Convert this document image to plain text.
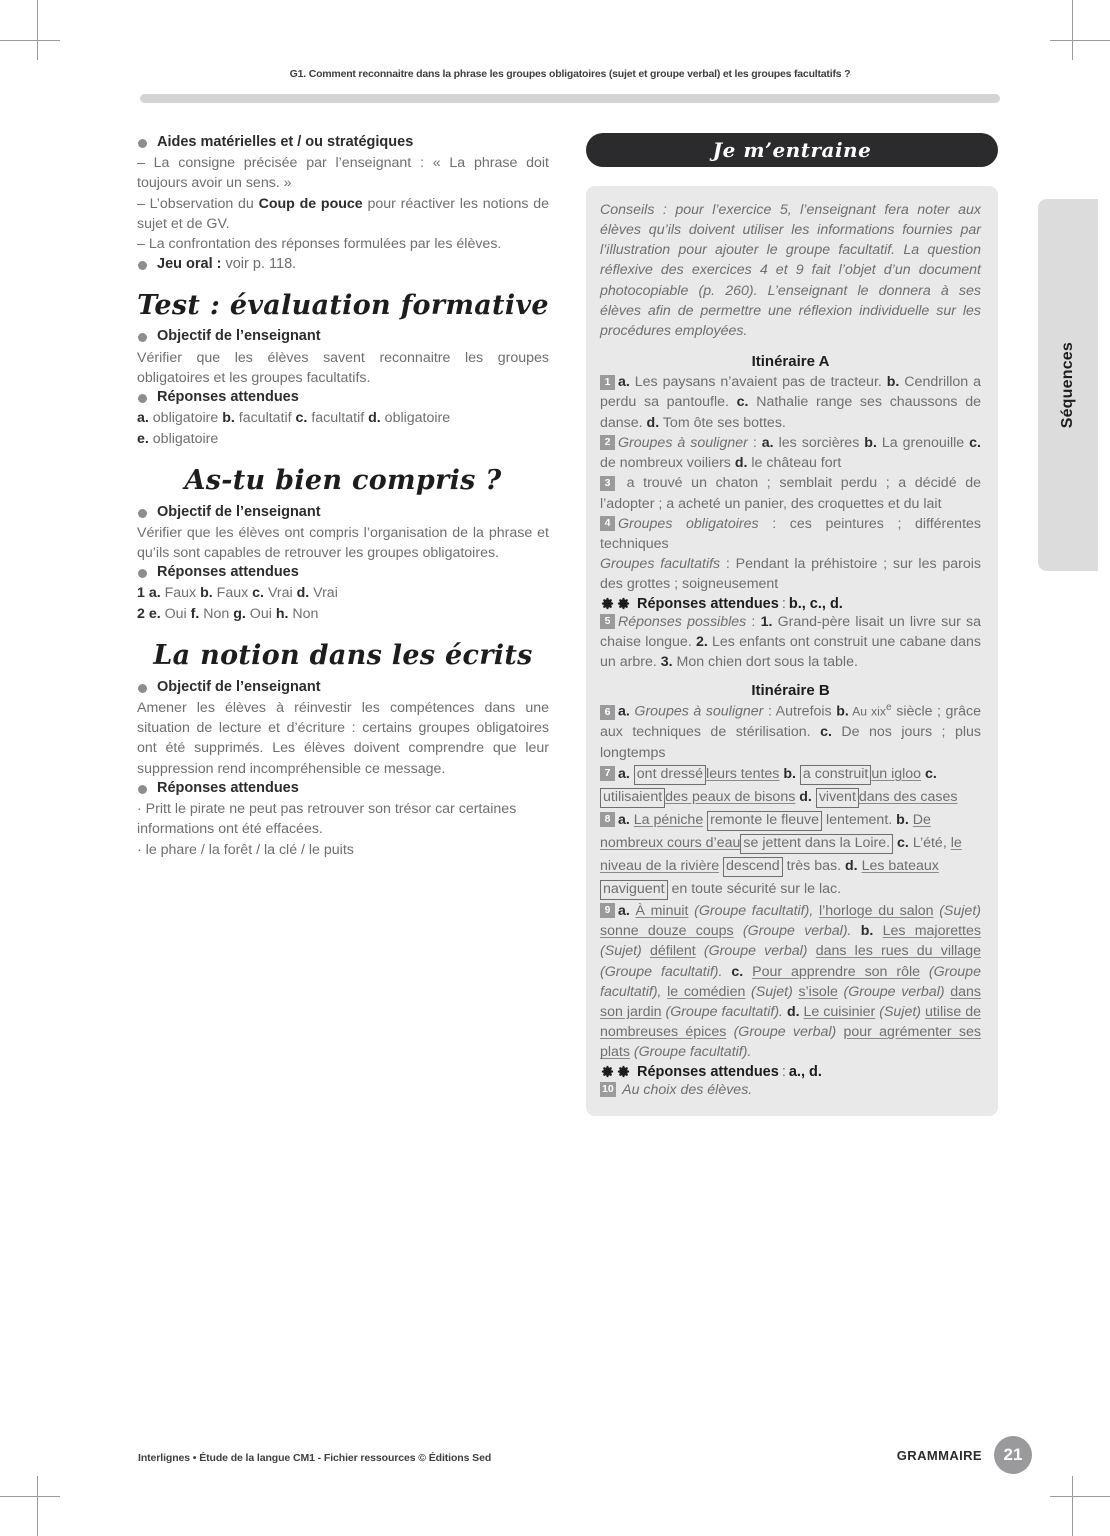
G1. Comment reconnaitre dans la phrase les groupes obligatoires (sujet et groupe verbal) et les groupes facultatifs ?
Séquences
Aides matérielles et / ou stratégiques

– La consigne précisée par l’enseignant : « La phrase doit toujours avoir un sens. »

– L’observation du Coup de pouce pour réactiver les notions de sujet et de GV.

– La confrontation des réponses formulées par les élèves.

Jeu oral : voir p. 118.
Test : évaluation formative
Objectif de l’enseignant

Vérifier que les élèves savent reconnaitre les groupes obligatoires et les groupes facultatifs.

Réponses attendues

a. obligatoire b. facultatif c. facultatif d. obligatoire
e. obligatoire

As-tu bien compris ?
Objectif de l’enseignant

Vérifier que les élèves ont compris l’organisation de la phrase et qu’ils sont capables de retrouver les groupes obligatoires.

Réponses attendues

1 a. Faux b. Faux c. Vrai d. Vrai

2 e. Oui f. Non g. Oui h. Non

La notion dans les écrits
Objectif de l’enseignant

Amener les élèves à réinvestir les compétences dans une situation de lecture et d’écriture : certains groupes obligatoires ont été supprimés. Les élèves doivent comprendre que leur suppression rend incompréhensible ce message.

Réponses attendues

· Pritt le pirate ne peut pas retrouver son trésor car certaines informations ont été effacées.

· le phare / la forêt / la clé / le puits

Je m’entraine

Conseils : pour l’exercice 5, l’enseignant fera noter aux élèves qu’ils doivent utiliser les informations fournies par l’illustration pour ajouter le groupe facultatif. La question réflexive des exercices 4 et 9 fait l’objet d’un document photocopiable (p. 260). L’enseignant le donnera à ses élèves afin de permettre une réflexion individuelle sur les procédures employées.

Itinéraire A

1 a. Les paysans n’avaient pas de tracteur. b. Cendrillon a perdu sa pantoufle. c. Nathalie range ses chaussons de danse. d. Tom ôte ses bottes.

2 Groupes à souligner : a. les sorcières b. La grenouille c. de nombreux voiliers d. le château fort

3 a trouvé un chaton ; semblait perdu ; a décidé de l’adopter ; a acheté un panier, des croquettes et du lait

4 Groupes obligatoires : ces peintures ; différentes techniques

Groupes facultatifs : Pendant la préhistoire ; sur les parois des grottes ; soigneusement

Réponses attendues : b., c., d.

5 Réponses possibles : 1. Grand-père lisait un livre sur sa chaise longue. 2. Les enfants ont construit une cabane dans un arbre. 3. Mon chien dort sous la table.

Itinéraire B

6 a. Groupes à souligner : Autrefois b. Au xix$^e$ siècle ; grâce aux techniques de stérilisation. c. De nos jours ; plus longtemps

7 a. ont dressé leurs tentes b. a construit un igloo c. utilisaient des peaux de bisons d. vivent dans des cases

8 a. La péniche remonte le fleuve lentement. b. De nombreux cours d’eau se jettent dans la Loire. c. L’été, le niveau de la rivière descend très bas. d. Les bateaux naviguent en toute sécurité sur le lac.

9 a. À minuit (Groupe facultatif), l’horloge du salon (Sujet) sonne douze coups (Groupe verbal). b. Les majorettes (Sujet) défilent (Groupe verbal) dans les rues du village (Groupe facultatif). c. Pour apprendre son rôle (Groupe facultatif), le comédien (Sujet) s’isole (Groupe verbal) dans son jardin (Groupe facultatif). d. Le cuisinier (Sujet) utilise de nombreuses épices (Groupe verbal) pour agrémenter ses plats (Groupe facultatif).

Réponses attendues : a., d.

10 Au choix des élèves.

Interlignes • Étude de la langue CM1 - Fichier ressources © Éditions Sed	GRAMMAIRE	21
